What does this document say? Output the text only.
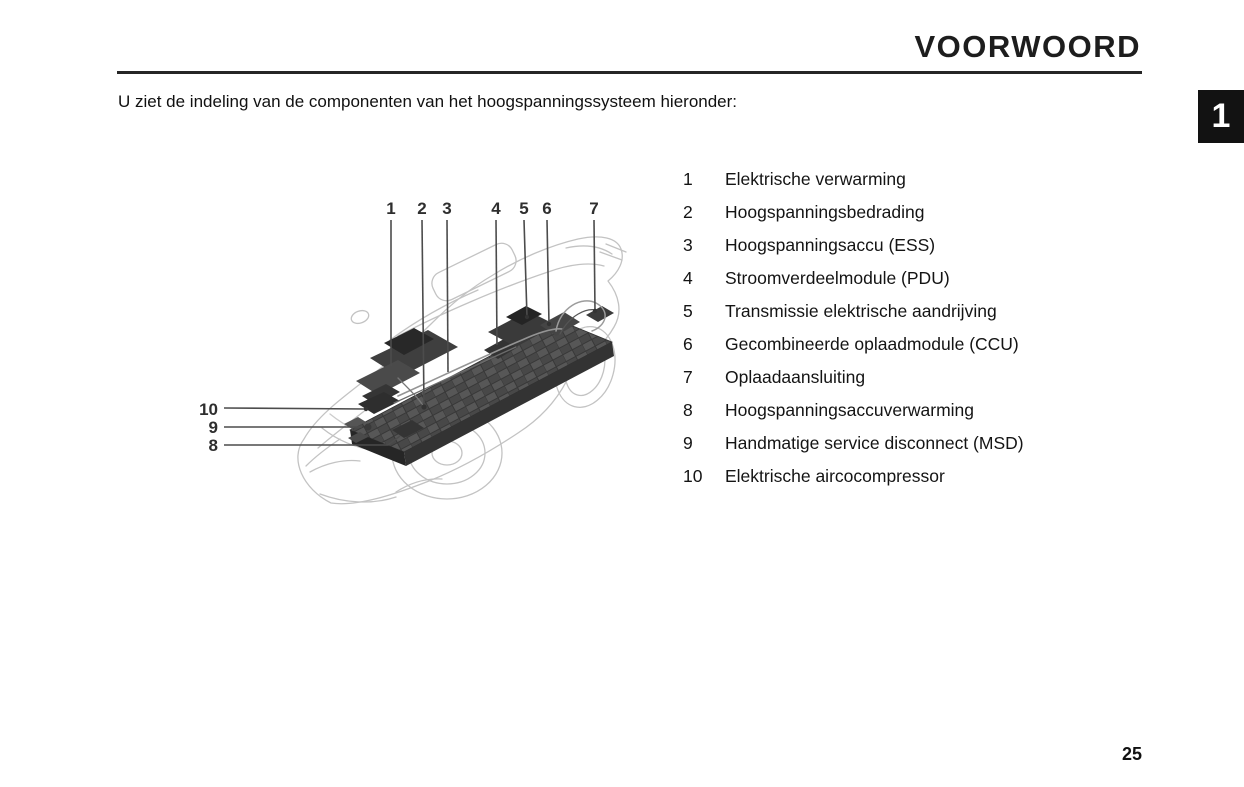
VOORWOORD
U ziet de indeling van de componenten van het hoogspanningssysteem hieronder:	1
1 2 3 4 5 6 7
10
9
8
1	Elektrische verwarming
2	Hoogspanningsbedrading
3	Hoogspanningsaccu (ESS)
4	Stroomverdeelmodule (PDU)
5	Transmissie elektrische aandrijving
6	Gecombineerde oplaadmodule (CCU)
7	Oplaadaansluiting
8	Hoogspanningsaccuverwarming
9	Handmatige service disconnect (MSD)
10	Elektrische aircocompressor
25
